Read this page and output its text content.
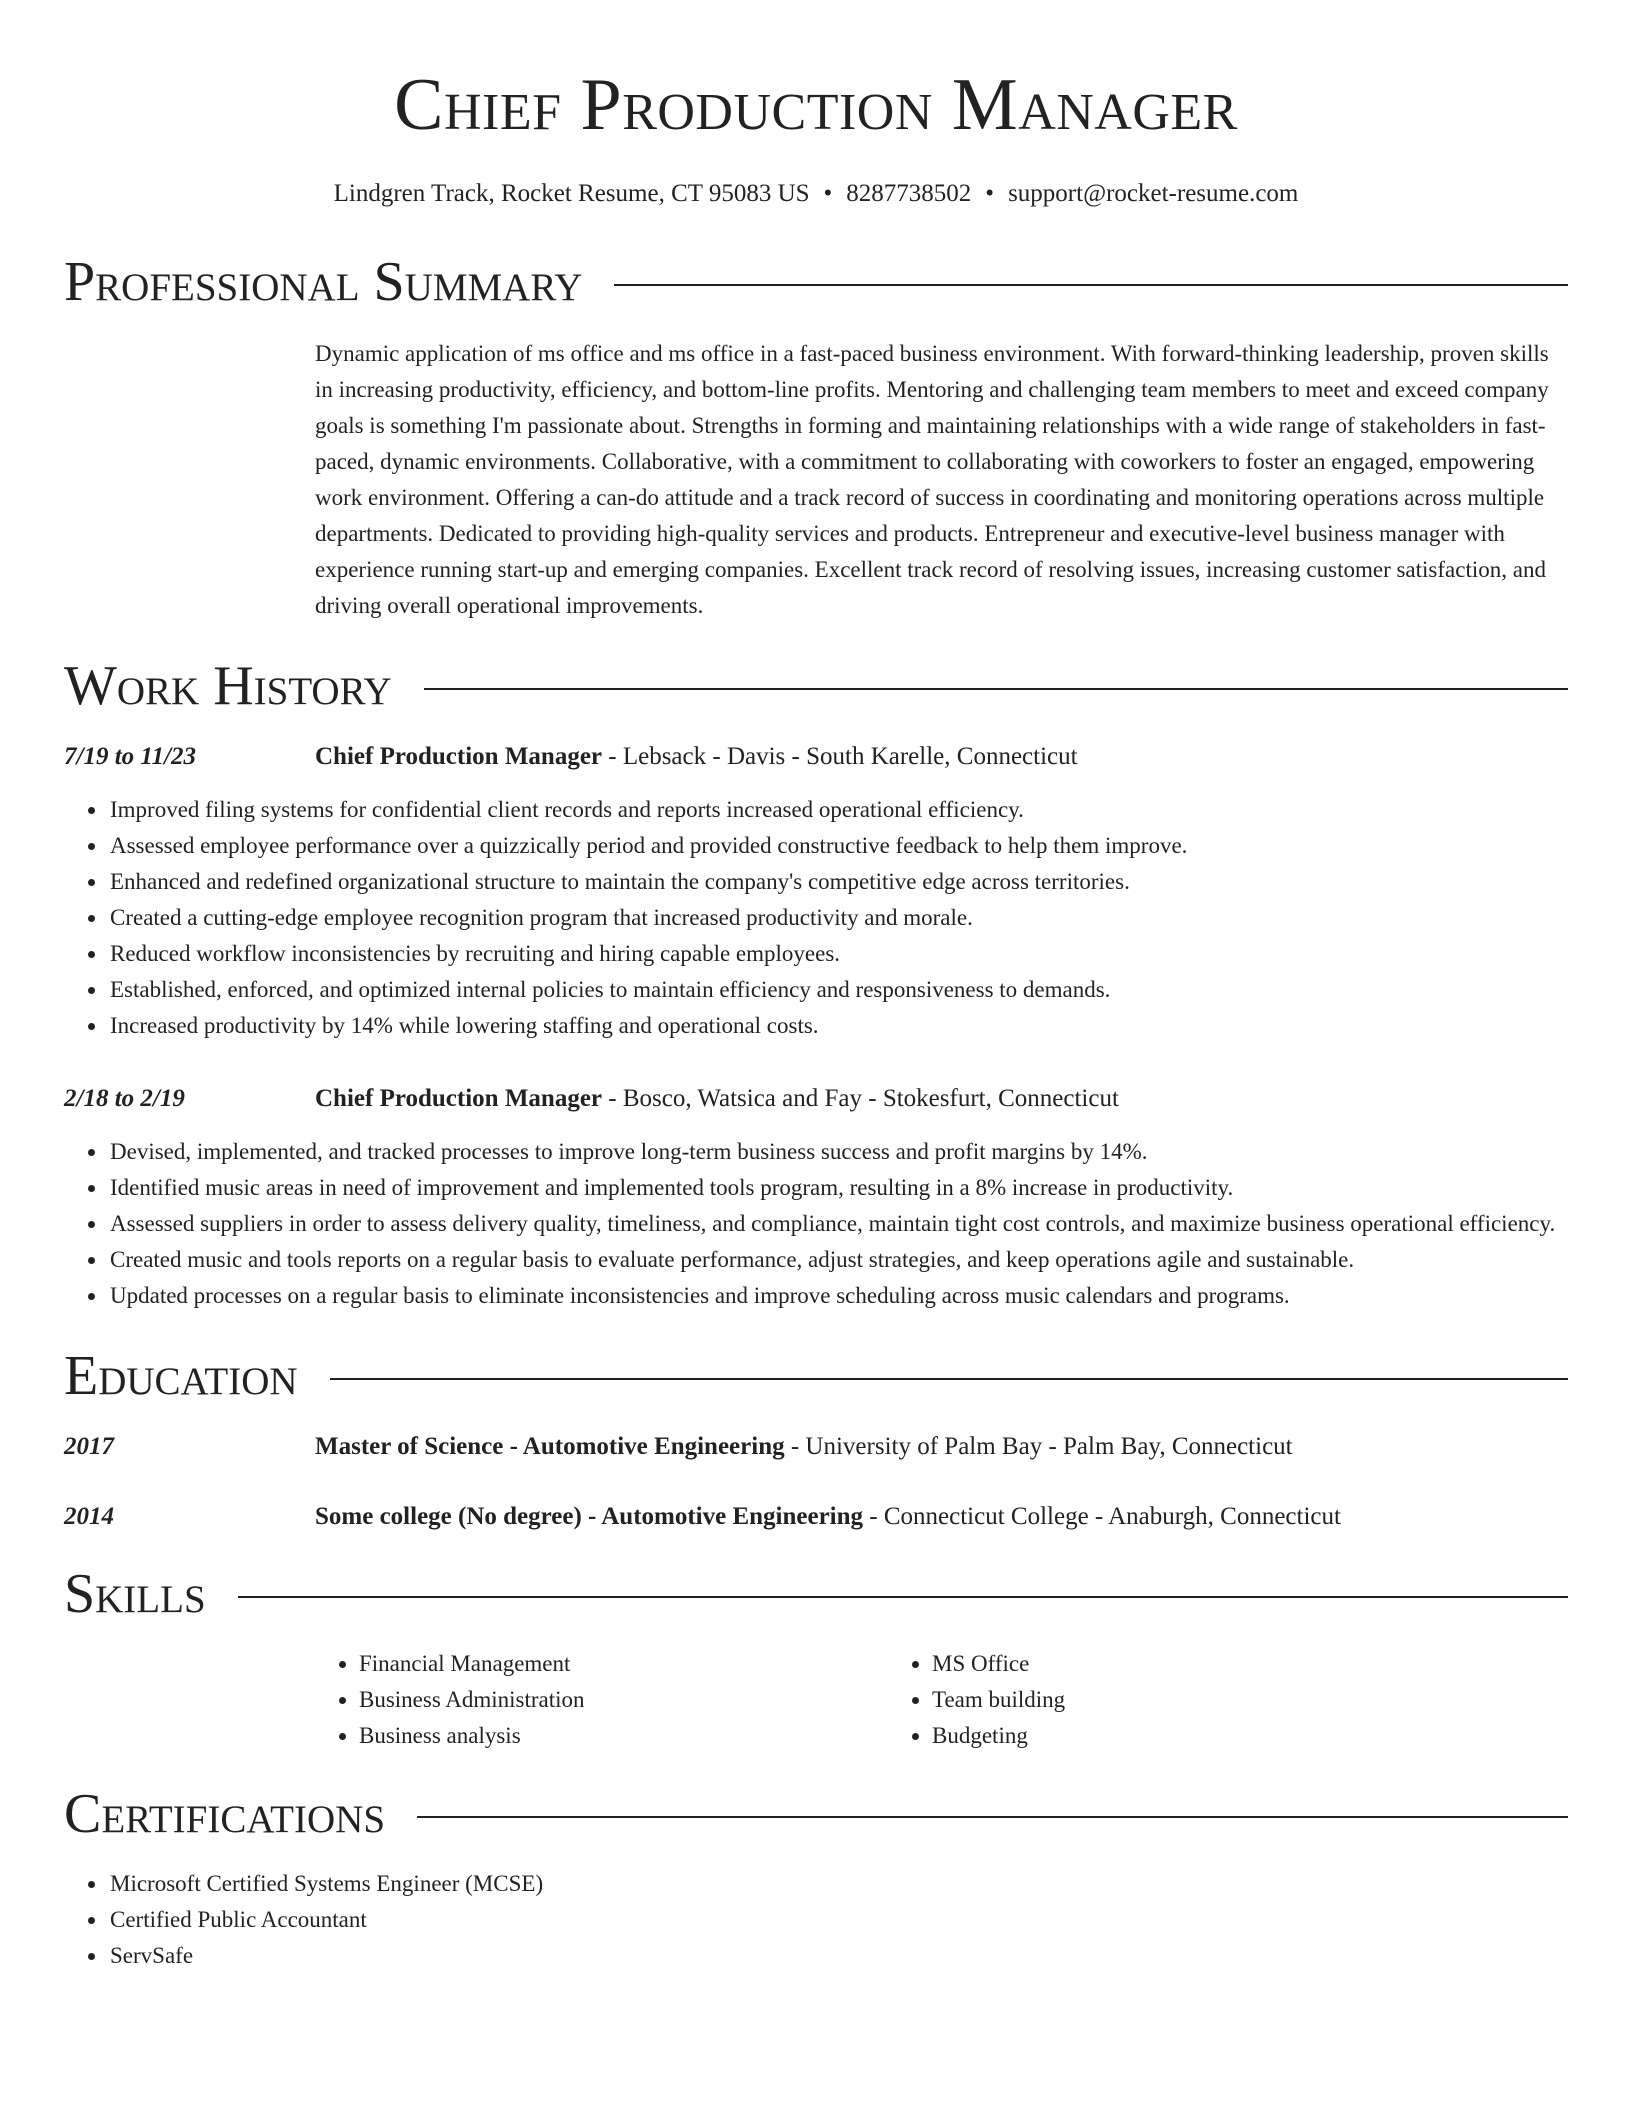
Chief Production Manager
Lindgren Track, Rocket Resume, CT 95083 US • 8287738502 • support@rocket-resume.com
Professional Summary

Dynamic application of ms office and ms office in a fast-paced business environment. With forward-thinking leadership, proven skills in increasing productivity, efficiency, and bottom-line profits. Mentoring and challenging team members to meet and exceed company goals is something I'm passionate about. Strengths in forming and maintaining relationships with a wide range of stakeholders in fast-paced, dynamic environments. Collaborative, with a commitment to collaborating with coworkers to foster an engaged, empowering work environment. Offering a can-do attitude and a track record of success in coordinating and monitoring operations across multiple departments. Dedicated to providing high-quality services and products. Entrepreneur and executive-level business manager with experience running start-up and emerging companies. Excellent track record of resolving issues, increasing customer satisfaction, and driving overall operational improvements.

Work History
7/19 to 11/23	Chief Production Manager - Lebsack - Davis - South Karelle, Connecticut
• Improved filing systems for confidential client records and reports increased operational efficiency.
• Assessed employee performance over a quizzically period and provided constructive feedback to help them improve.
• Enhanced and redefined organizational structure to maintain the company's competitive edge across territories.
• Created a cutting-edge employee recognition program that increased productivity and morale.
• Reduced workflow inconsistencies by recruiting and hiring capable employees.
• Established, enforced, and optimized internal policies to maintain efficiency and responsiveness to demands.
• Increased productivity by 14% while lowering staffing and operational costs.
2/18 to 2/19	Chief Production Manager - Bosco, Watsica and Fay - Stokesfurt, Connecticut
• Devised, implemented, and tracked processes to improve long-term business success and profit margins by 14%.
• Identified music areas in need of improvement and implemented tools program, resulting in a 8% increase in productivity.
• Assessed suppliers in order to assess delivery quality, timeliness, and compliance, maintain tight cost controls, and maximize business operational efficiency.
• Created music and tools reports on a regular basis to evaluate performance, adjust strategies, and keep operations agile and sustainable.
• Updated processes on a regular basis to eliminate inconsistencies and improve scheduling across music calendars and programs.
Education
2017	Master of Science - Automotive Engineering - University of Palm Bay - Palm Bay, Connecticut
2014	Some college (No degree) - Automotive Engineering - Connecticut College - Anaburgh, Connecticut
Skills
• Financial Management
• Business Administration
• Business analysis
• MS Office
• Team building
• Budgeting
Certifications
• Microsoft Certified Systems Engineer (MCSE)
• Certified Public Accountant
• ServSafe
